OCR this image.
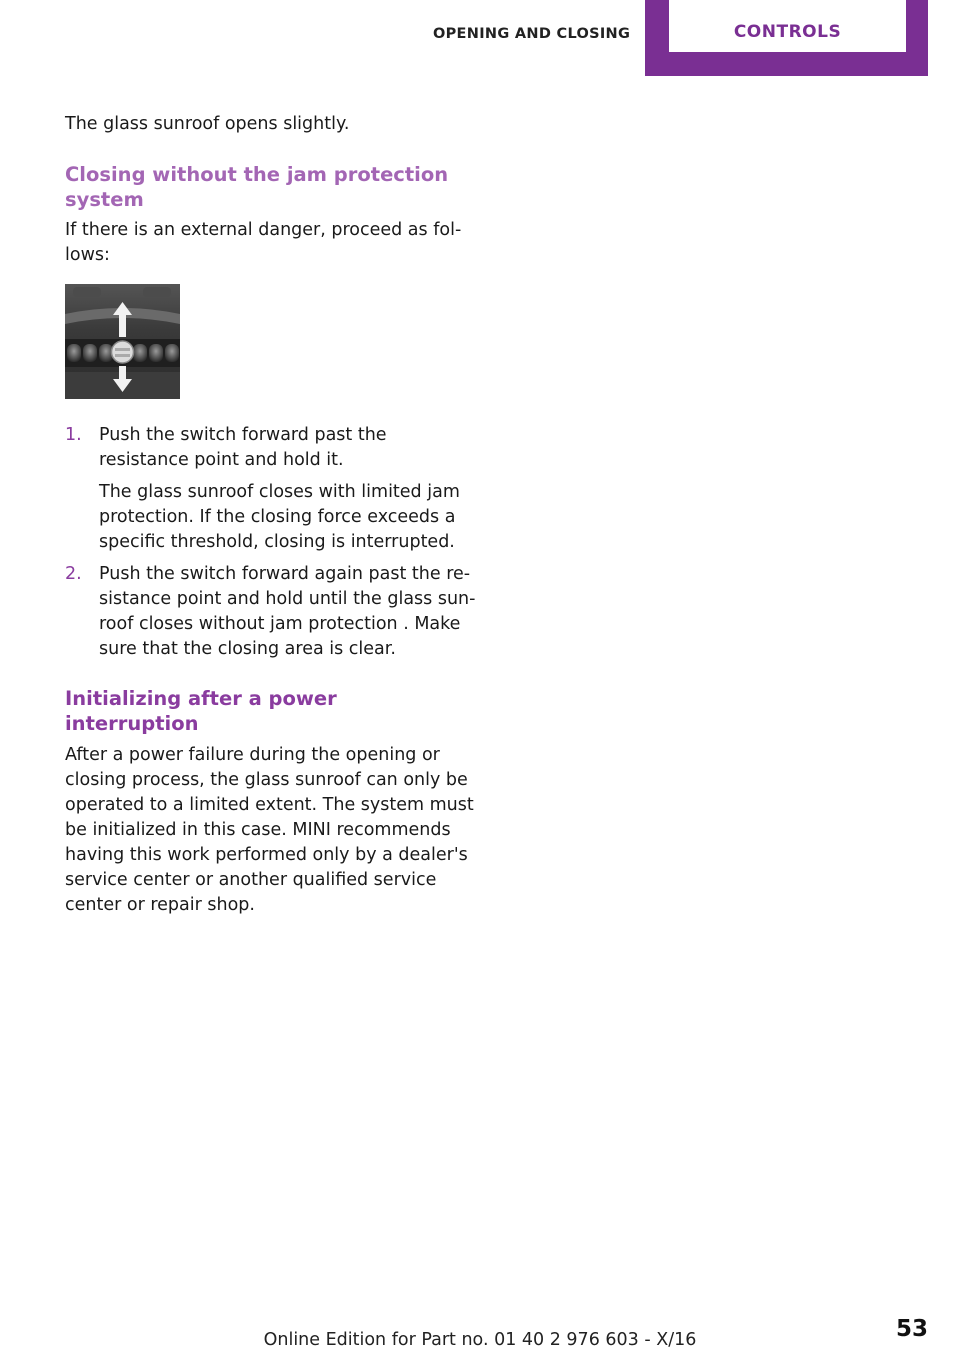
OPENING AND CLOSING	CONTROLS

The glass sunroof opens slightly.

Closing without the jam protection system

If there is an external danger, proceed as follows:

1. Push the switch forward past the resistance point and hold it.

The glass sunroof closes with limited jam protection. If the closing force exceeds a specific threshold, closing is interrupted.

2. Push the switch forward again past the resistance point and hold until the glass sunroof closes without jam protection . Make sure that the closing area is clear.

Initializing after a power interruption

After a power failure during the opening or closing process, the glass sunroof can only be operated to a limited extent. The system must be initialized in this case. MINI recommends having this work performed only by a dealer's service center or another qualified service center or repair shop.

Online Edition for Part no. 01 40 2 976 603 - X/16	53
